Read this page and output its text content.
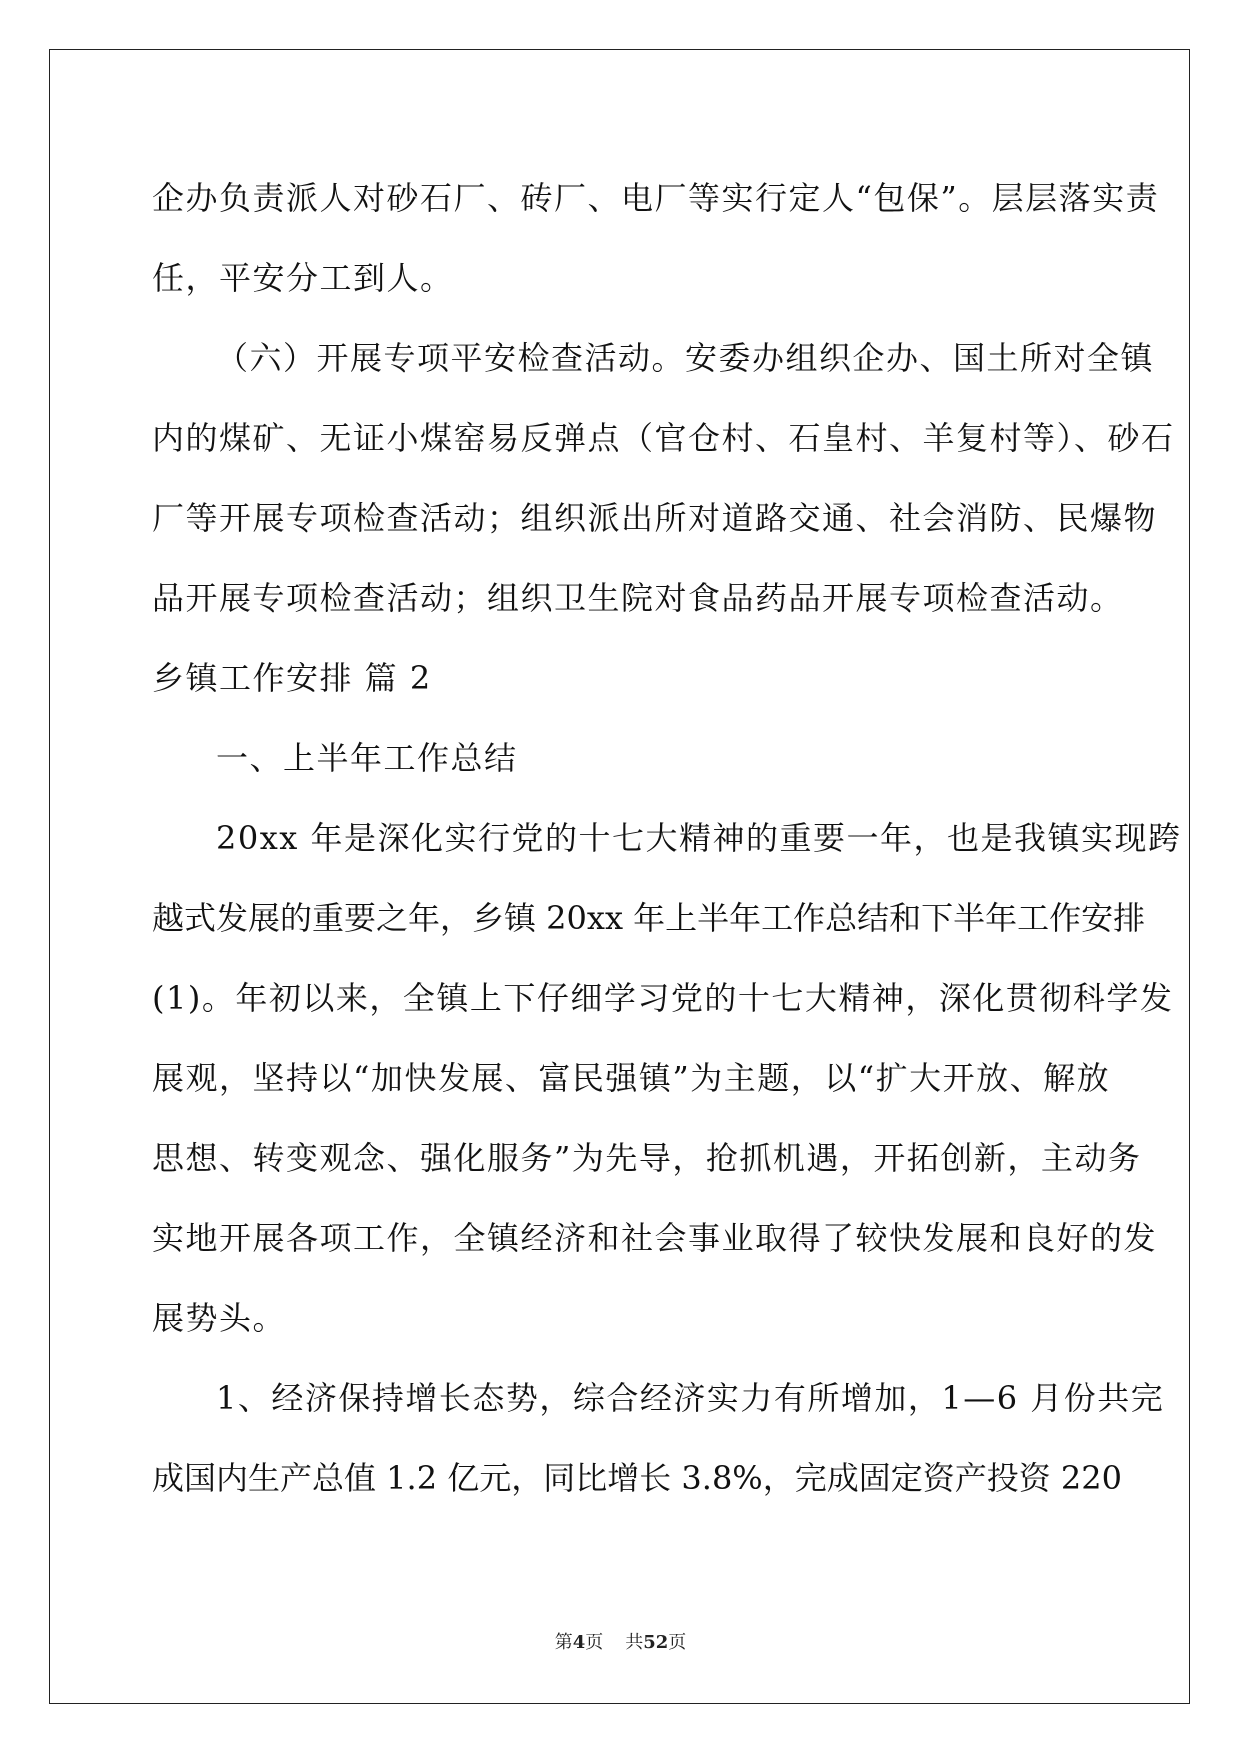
企办负责派人对砂石厂、砖厂、电厂等实行定人“包保”。层层落实责
任，平安分工到人。
（六）开展专项平安检查活动。安委办组织企办、国土所对全镇
内的煤矿、无证小煤窑易反弹点（官仓村、石皇村、羊复村等）、砂石
厂等开展专项检查活动；组织派出所对道路交通、社会消防、民爆物
品开展专项检查活动；组织卫生院对食品药品开展专项检查活动。
乡镇工作安排 篇 2
一、上半年工作总结
20xx 年是深化实行党的十七大精神的重要一年，也是我镇实现跨
越式发展的重要之年，乡镇 20xx 年上半年工作总结和下半年工作安排
(1)。年初以来，全镇上下仔细学习党的十七大精神，深化贯彻科学发
展观，坚持以“加快发展、富民强镇”为主题，以“扩大开放、解放
思想、转变观念、强化服务”为先导，抢抓机遇，开拓创新，主动务
实地开展各项工作，全镇经济和社会事业取得了较快发展和良好的发
展势头。
1、经济保持增长态势，综合经济实力有所增加，1—6 月份共完
成国内生产总值 1.2 亿元，同比增长 3.8%，完成固定资产投资 220
第4页 共52页
